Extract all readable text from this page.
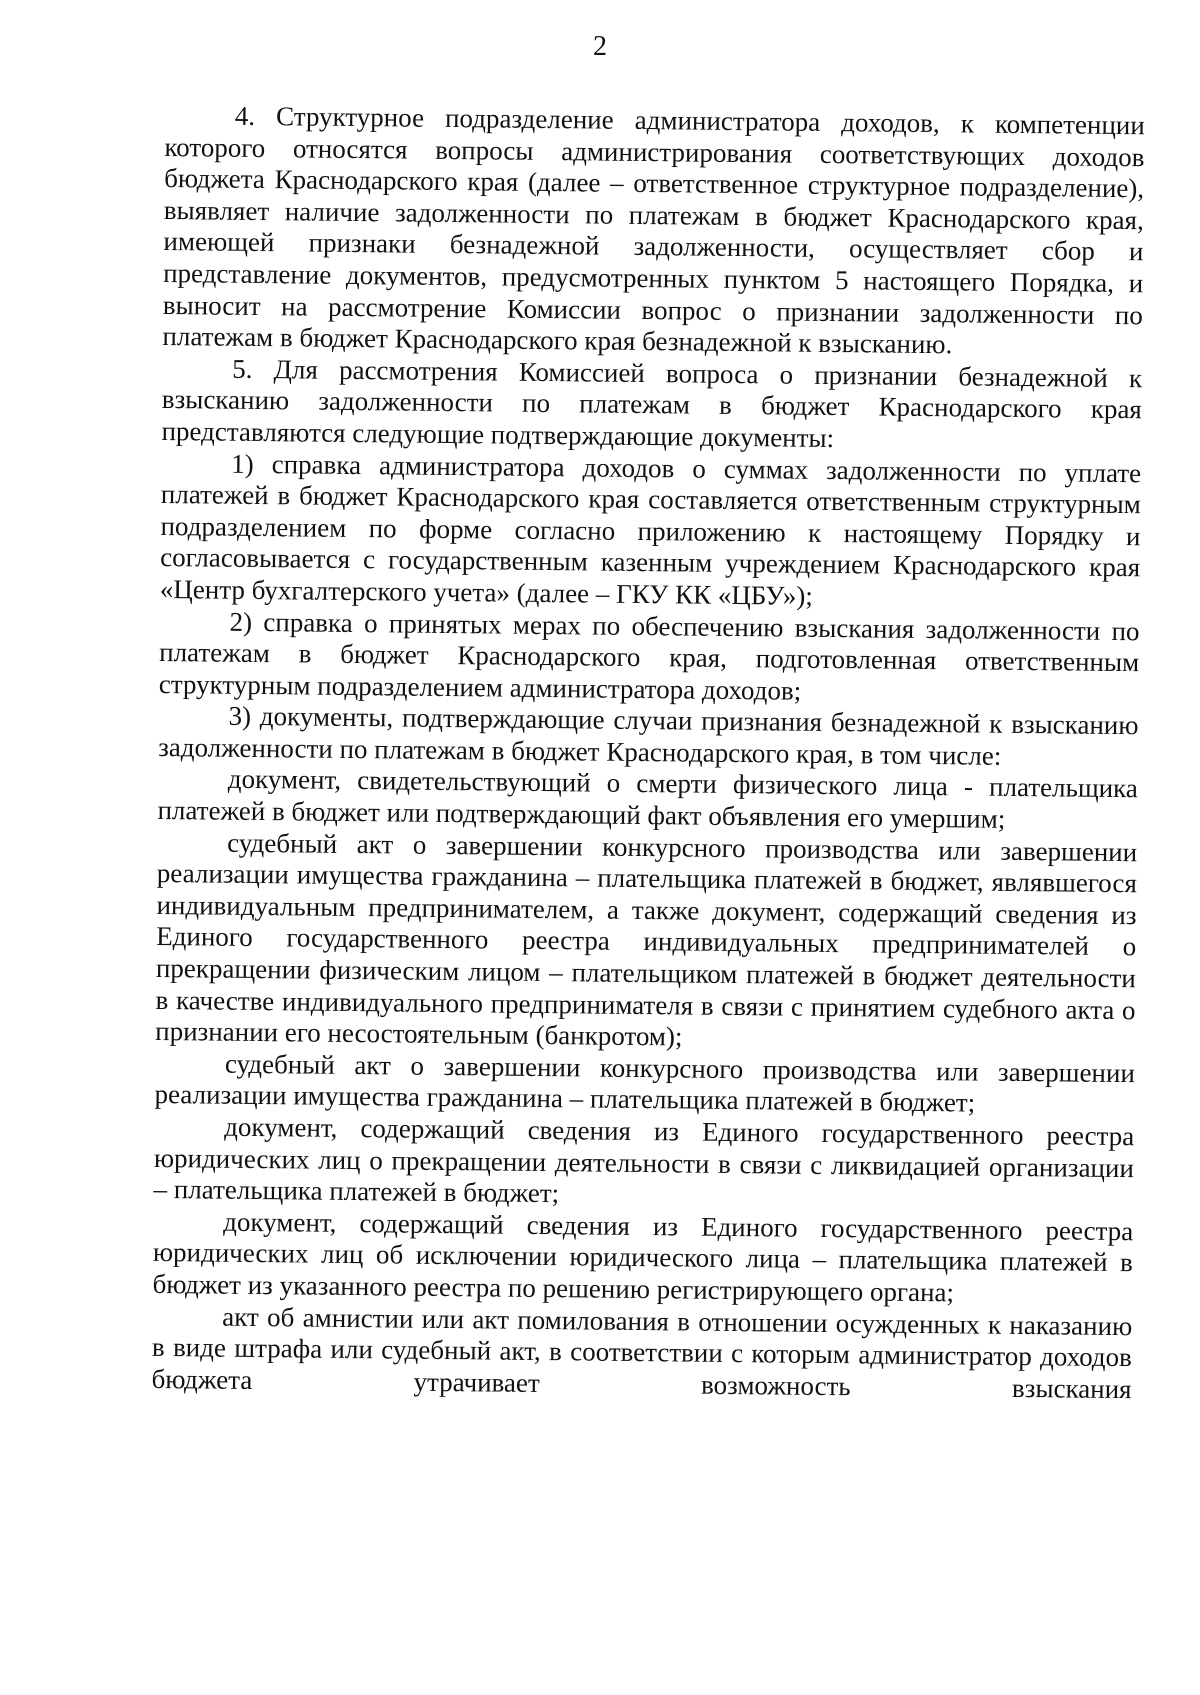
2

4. Структурное подразделение администратора доходов, к компетенции которого относятся вопросы администрирования соответствующих доходов бюджета Краснодарского края (далее – ответственное структурное подразделение), выявляет наличие задолженности по платежам в бюджет Краснодарского края, имеющей признаки безнадежной задолженности, осуществляет сбор и представление документов, предусмотренных пунктом 5 настоящего Порядка, и выносит на рассмотрение Комиссии вопрос о признании задолженности по платежам в бюджет Краснодарского края безнадежной к взысканию.

5. Для рассмотрения Комиссией вопроса о признании безнадежной к взысканию задолженности по платежам в бюджет Краснодарского края представляются следующие подтверждающие документы:

1) справка администратора доходов о суммах задолженности по уплате платежей в бюджет Краснодарского края составляется ответственным структурным подразделением по форме согласно приложению к настоящему Порядку и согласовывается с государственным казенным учреждением Краснодарского края «Центр бухгалтерского учета» (далее – ГКУ КК «ЦБУ»);

2) справка о принятых мерах по обеспечению взыскания задолженности по платежам в бюджет Краснодарского края, подготовленная ответственным структурным подразделением администратора доходов;

3) документы, подтверждающие случаи признания безнадежной к взысканию задолженности по платежам в бюджет Краснодарского края, в том числе:

документ, свидетельствующий о смерти физического лица - плательщика платежей в бюджет или подтверждающий факт объявления его умершим;

судебный акт о завершении конкурсного производства или завершении реализации имущества гражданина – плательщика платежей в бюджет, являвшегося индивидуальным предпринимателем, а также документ, содержащий сведения из Единого государственного реестра индивидуальных предпринимателей о прекращении физическим лицом – плательщиком платежей в бюджет деятельности в качестве индивидуального предпринимателя в связи с принятием судебного акта о признании его несостоятельным (банкротом);

судебный акт о завершении конкурсного производства или завершении реализации имущества гражданина – плательщика платежей в бюджет;

документ, содержащий сведения из Единого государственного реестра юридических лиц о прекращении деятельности в связи с ликвидацией организации – плательщика платежей в бюджет;

документ, содержащий сведения из Единого государственного реестра юридических лиц об исключении юридического лица – плательщика платежей в бюджет из указанного реестра по решению регистрирующего органа;

акт об амнистии или акт помилования в отношении осужденных к наказанию в виде штрафа или судебный акт, в соответствии с которым администратор доходов бюджета утрачивает возможность взыскания
